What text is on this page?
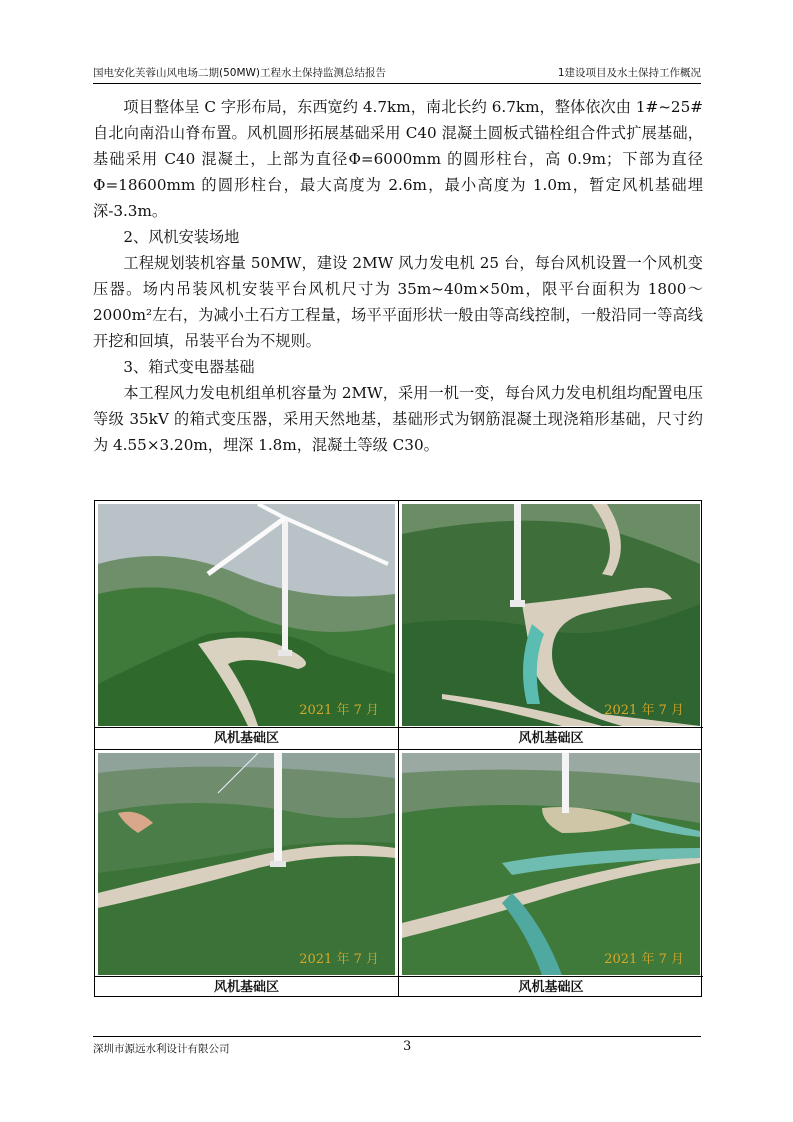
国电安化芙蓉山风电场二期(50MW)工程水土保持监测总结报告	1建设项目及水土保持工作概况

项目整体呈 C 字形布局，东西宽约 4.7km，南北长约 6.7km，整体依次由 1#~25#自北向南沿山脊布置。风机圆形拓展基础采用 C40 混凝土圆板式锚栓组合件式扩展基础，基础采用 C40 混凝土，上部为直径Φ=6000mm 的圆形柱台，高 0.9m；下部为直径Φ=18600mm 的圆形柱台，最大高度为 2.6m，最小高度为 1.0m，暂定风机基础埋深-3.3m。

2、风机安装场地

工程规划装机容量 50MW，建设 2MW 风力发电机 25 台，每台风机设置一个风机变压器。场内吊装风机安装平台风机尺寸为 35m~40m×50m，限平台面积为 1800～2000m²左右，为减小土石方工程量，场平平面形状一般由等高线控制，一般沿同一等高线开挖和回填，吊装平台为不规则。

3、箱式变电器基础

本工程风力发电机组单机容量为 2MW，采用一机一变，每台风力发电机组均配置电压等级 35kV 的箱式变压器，采用天然地基，基础形式为钢筋混凝土现浇箱形基础，尺寸约为 4.55×3.20m，埋深 1.8m，混凝土等级 C30。

2021 年 7 月
风机基础区
2021 年 7 月
风机基础区
2021 年 7 月
风机基础区
2021 年 7 月
风机基础区
深圳市源远水利设计有限公司	3
